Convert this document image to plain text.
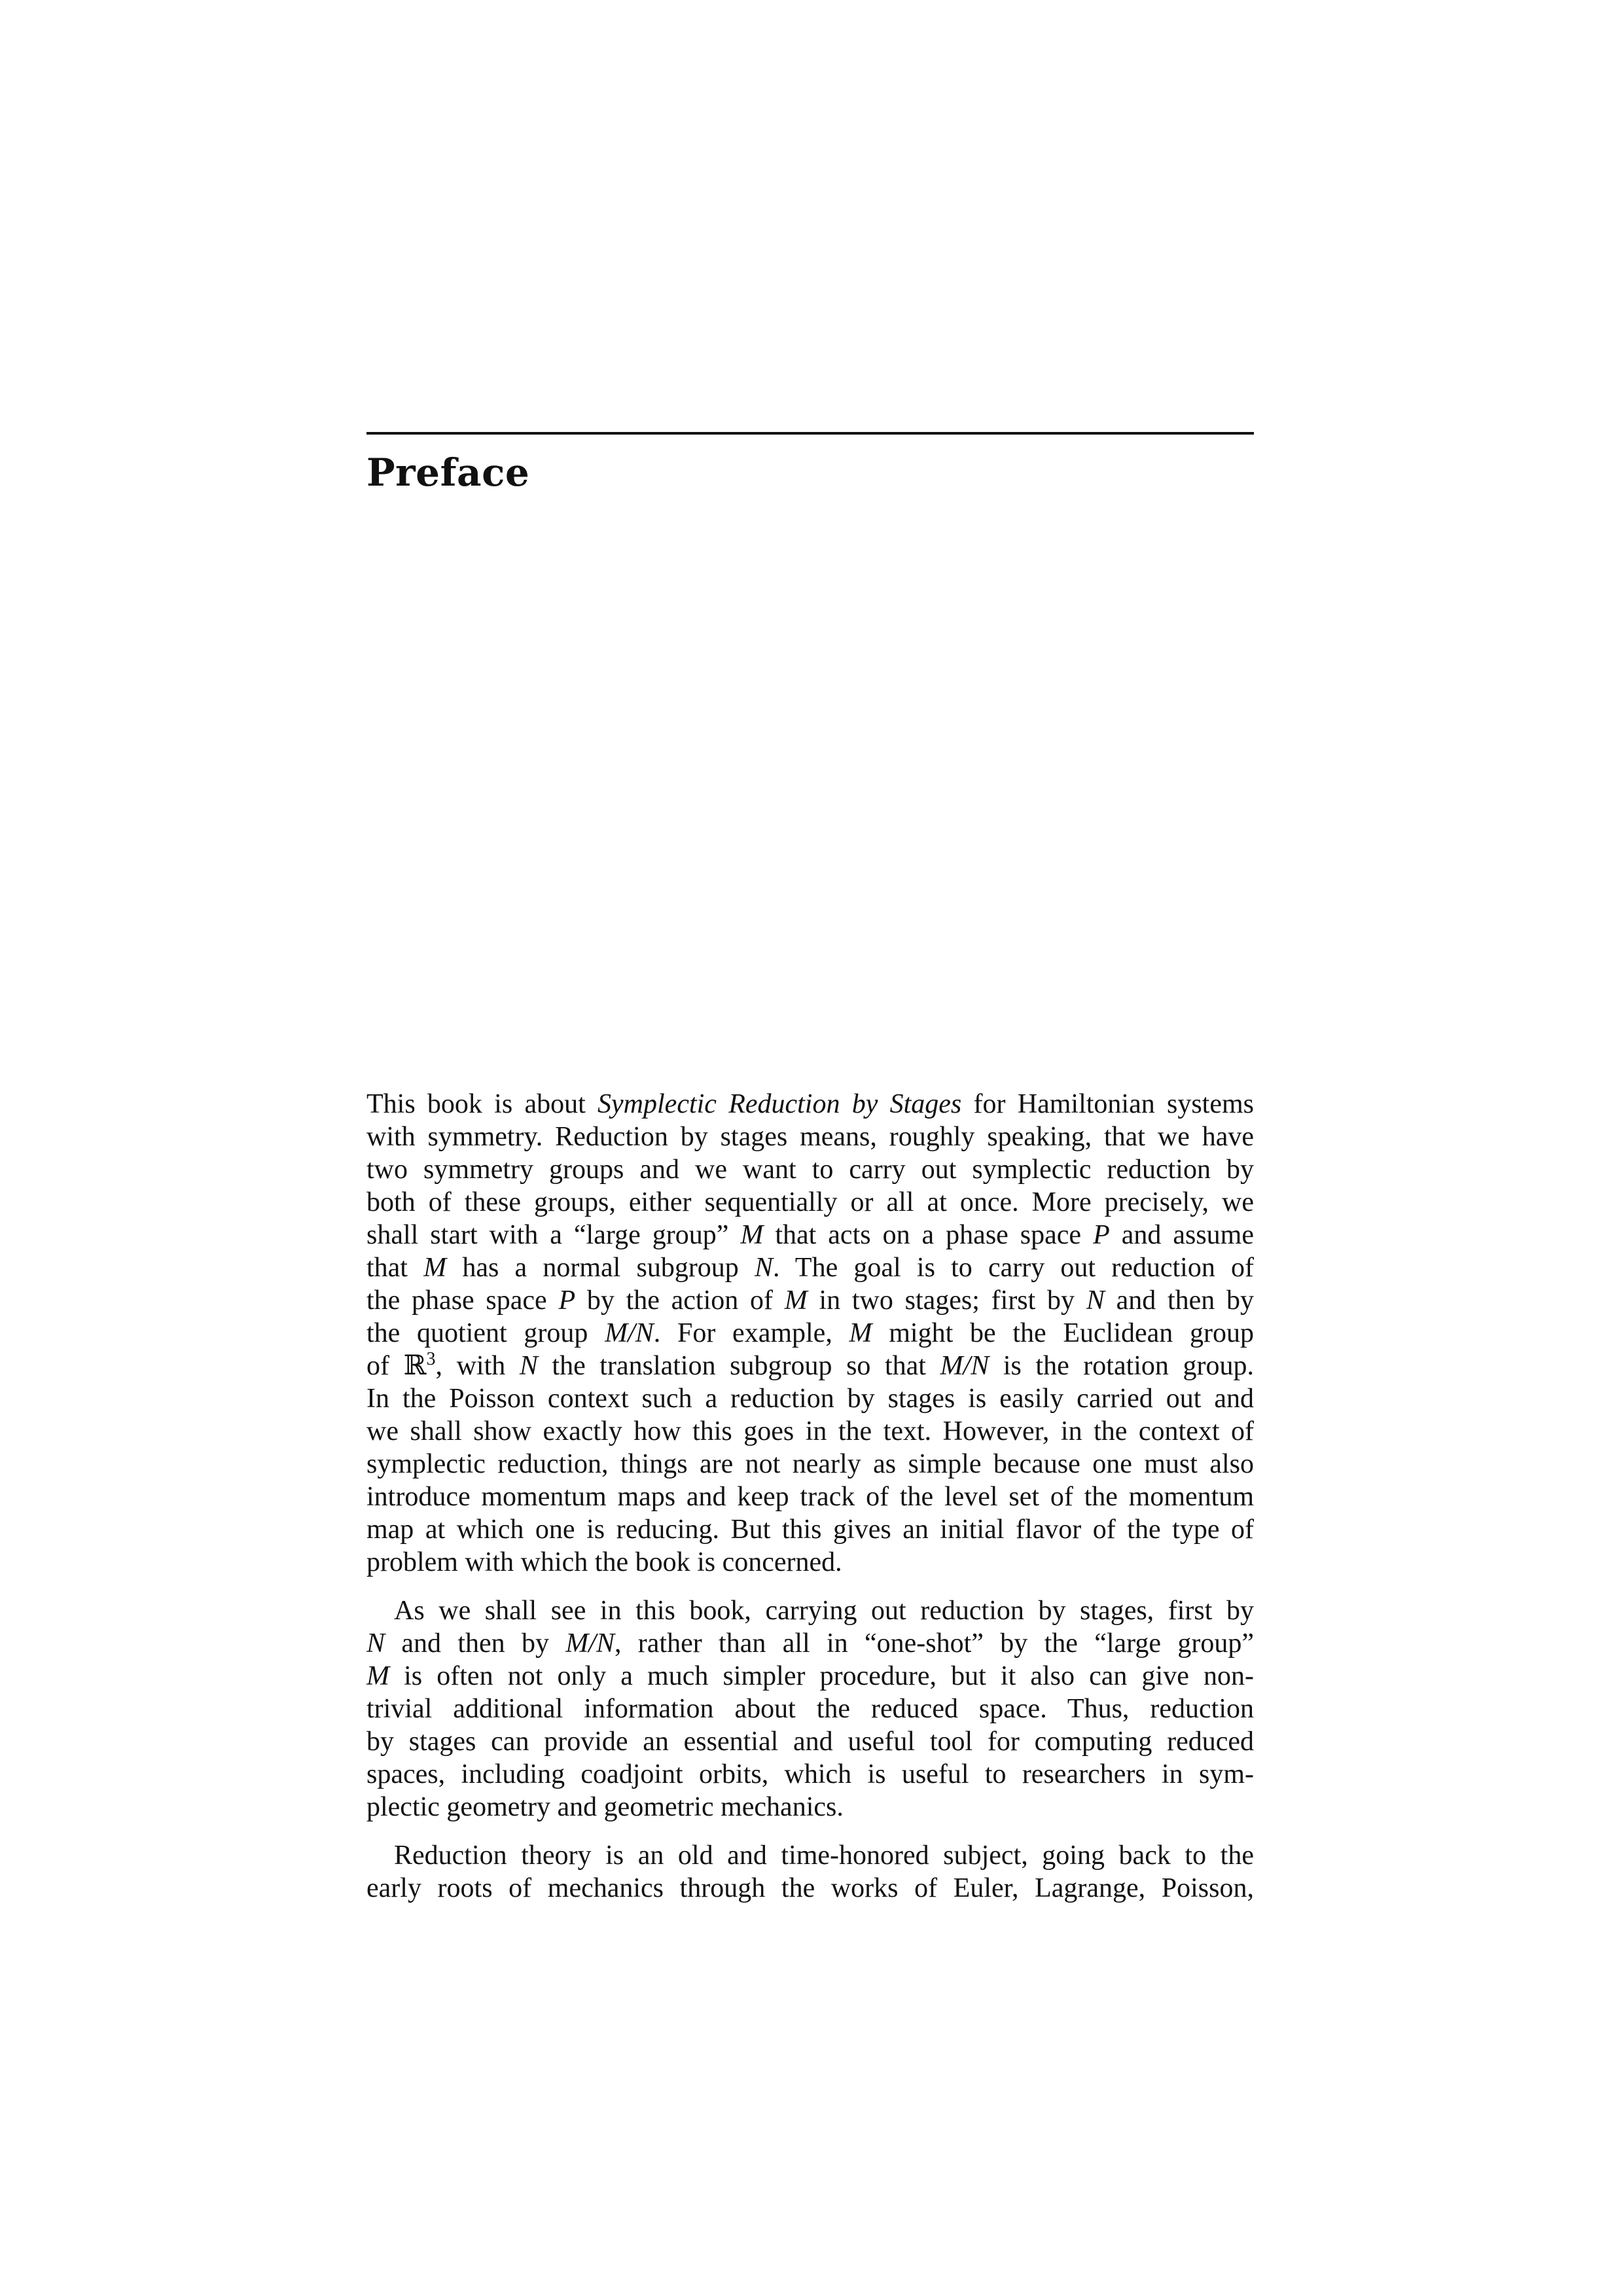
Preface
This book is about Symplectic Reduction by Stages for Hamiltonian systems
with symmetry. Reduction by stages means, roughly speaking, that we have
two symmetry groups and we want to carry out symplectic reduction by
both of these groups, either sequentially or all at once. More precisely, we
shall start with a “large group” M that acts on a phase space P and assume
that M has a normal subgroup N. The goal is to carry out reduction of
the phase space P by the action of M in two stages; first by N and then by
the quotient group M/N. For example, M might be the Euclidean group
of ℝ$^3$, with N the translation subgroup so that M/N is the rotation group.
In the Poisson context such a reduction by stages is easily carried out and
we shall show exactly how this goes in the text. However, in the context of
symplectic reduction, things are not nearly as simple because one must also
introduce momentum maps and keep track of the level set of the momentum
map at which one is reducing. But this gives an initial flavor of the type of
problem with which the book is concerned.
As we shall see in this book, carrying out reduction by stages, first by
N and then by M/N, rather than all in “one-shot” by the “large group”
M is often not only a much simpler procedure, but it also can give non-
trivial additional information about the reduced space. Thus, reduction
by stages can provide an essential and useful tool for computing reduced
spaces, including coadjoint orbits, which is useful to researchers in sym-
plectic geometry and geometric mechanics.
Reduction theory is an old and time-honored subject, going back to the
early roots of mechanics through the works of Euler, Lagrange, Poisson,
